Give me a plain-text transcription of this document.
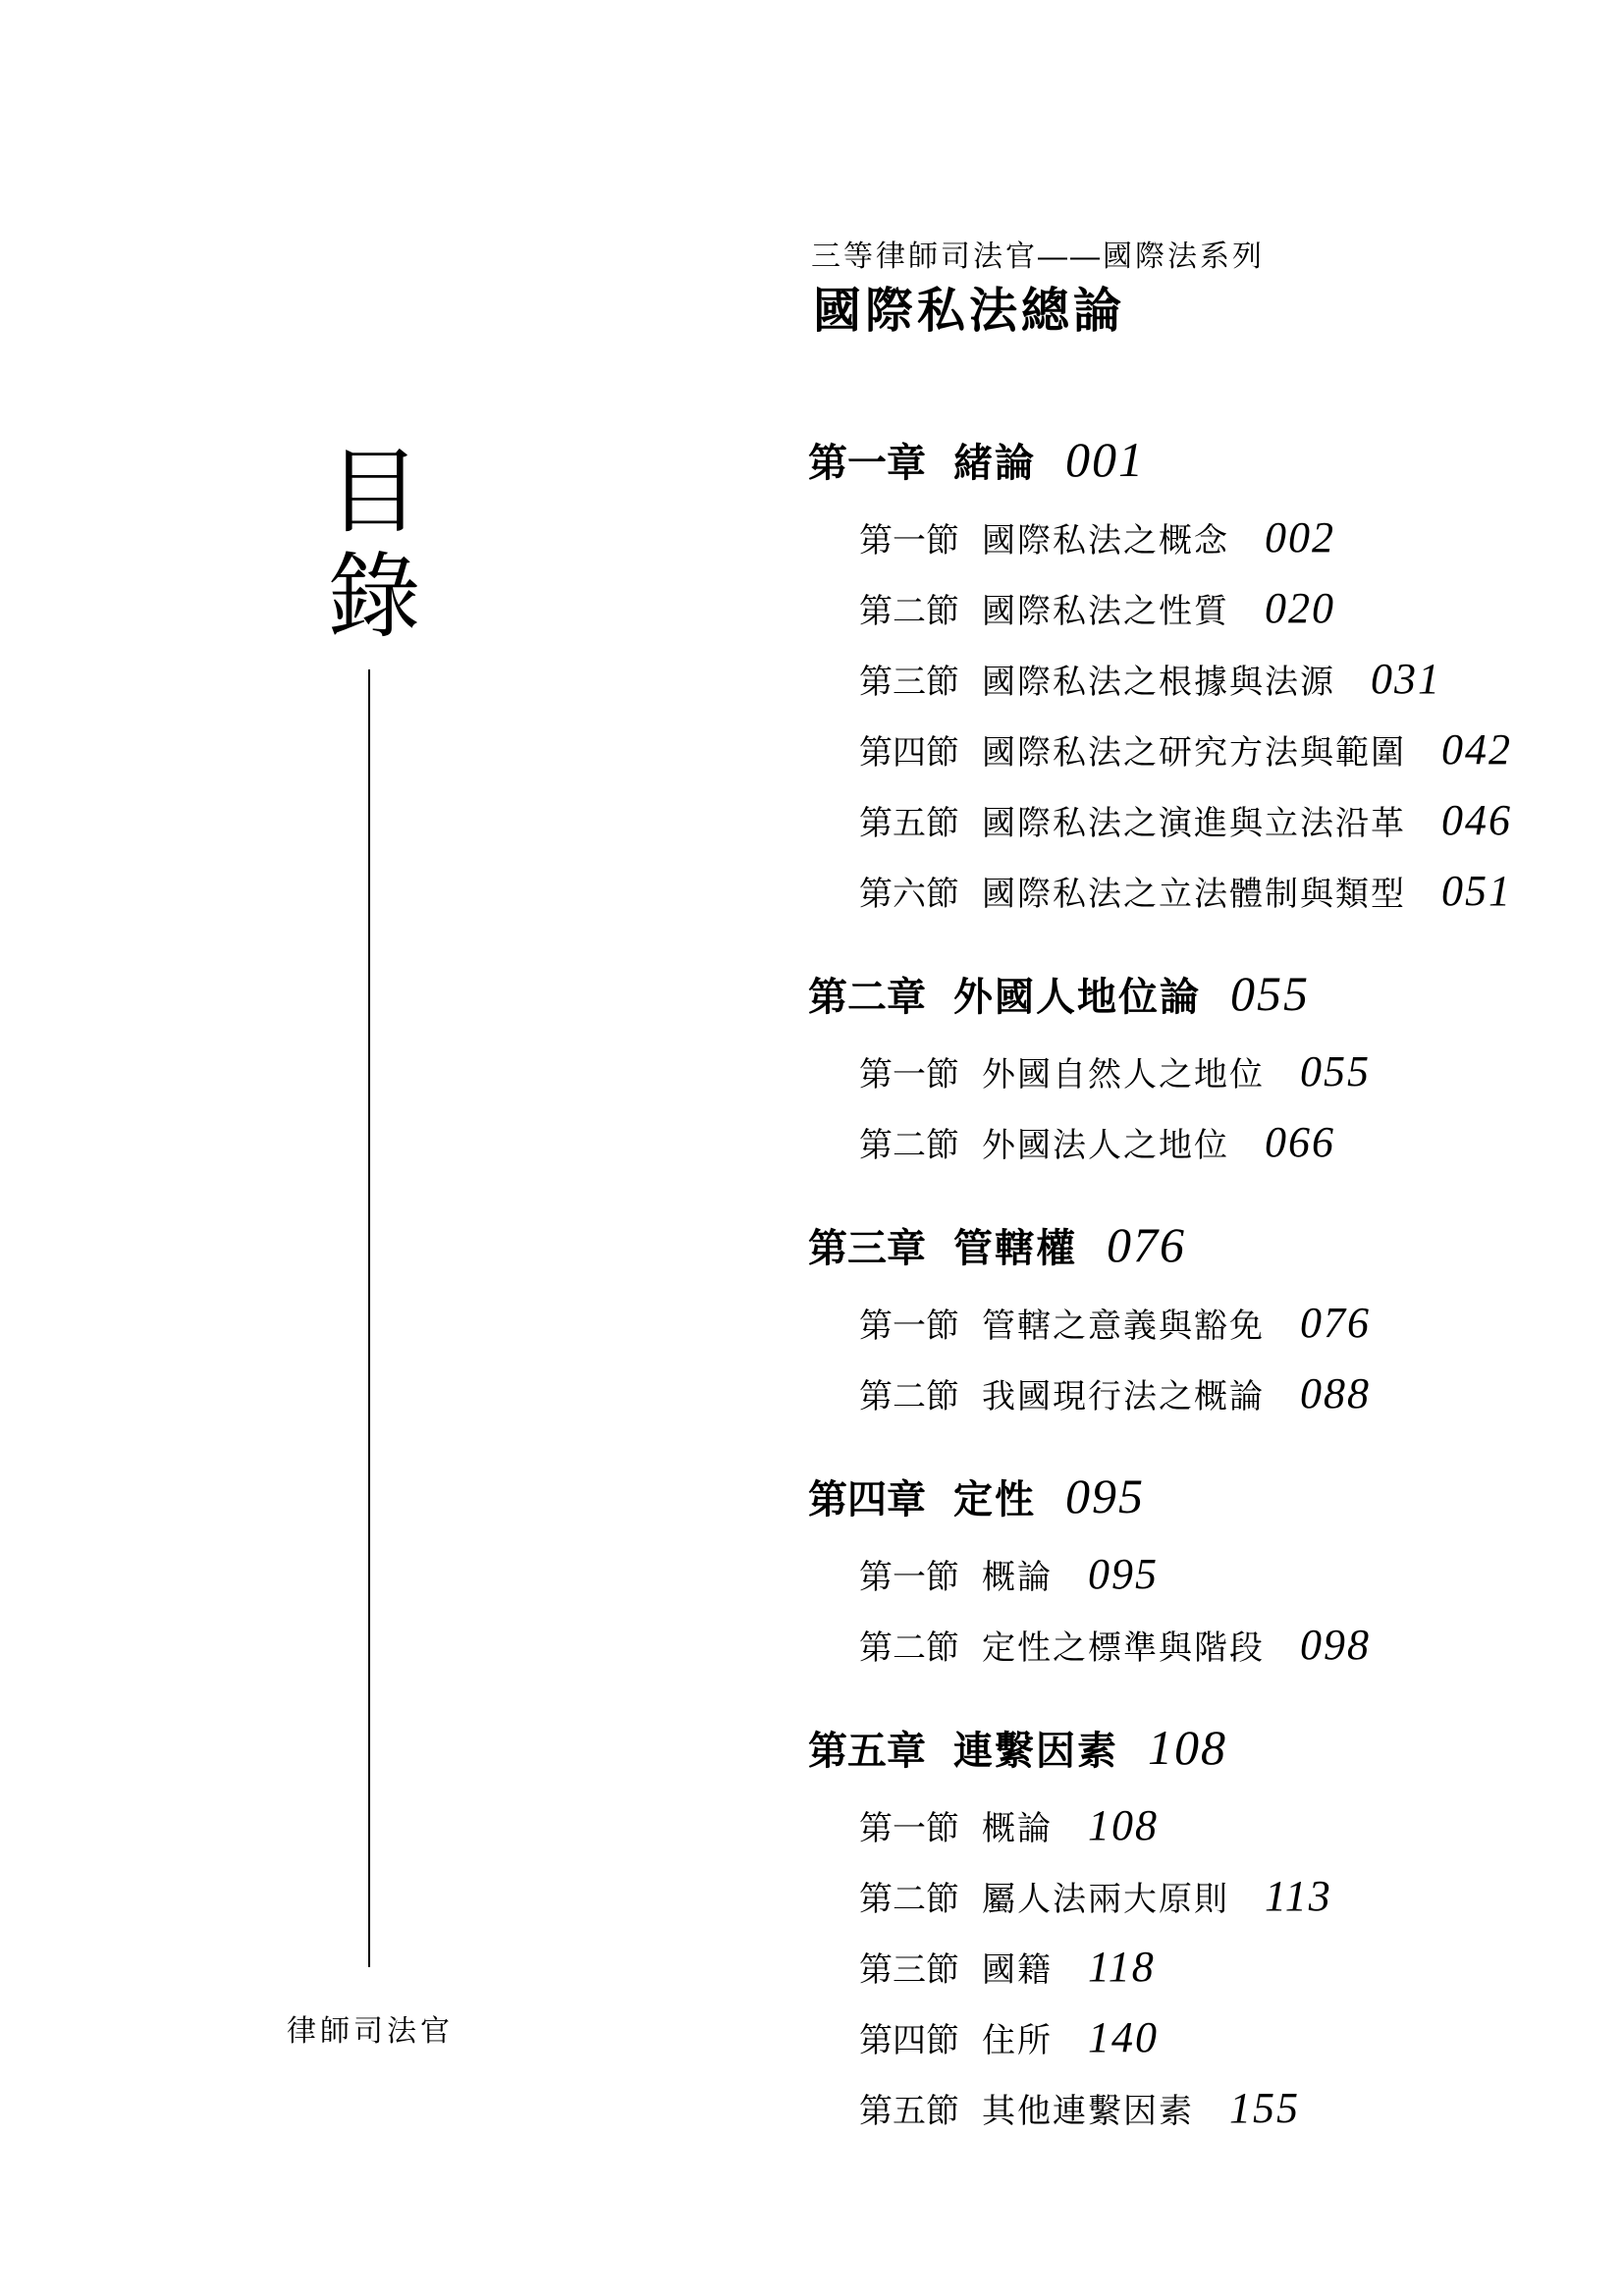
三等律師司法官——國際法系列
國際私法總論
目錄
律師司法官
第一章 緒論 001
第一節 國際私法之概念 002
第二節 國際私法之性質 020
第三節 國際私法之根據與法源 031
第四節 國際私法之研究方法與範圍 042
第五節 國際私法之演進與立法沿革 046
第六節 國際私法之立法體制與類型 051
第二章 外國人地位論 055
第一節 外國自然人之地位 055
第二節 外國法人之地位 066
第三章 管轄權 076
第一節 管轄之意義與豁免 076
第二節 我國現行法之概論 088
第四章 定性 095
第一節 概論 095
第二節 定性之標準與階段 098
第五章 連繫因素 108
第一節 概論 108
第二節 屬人法兩大原則 113
第三節 國籍 118
第四節 住所 140
第五節 其他連繫因素 155
